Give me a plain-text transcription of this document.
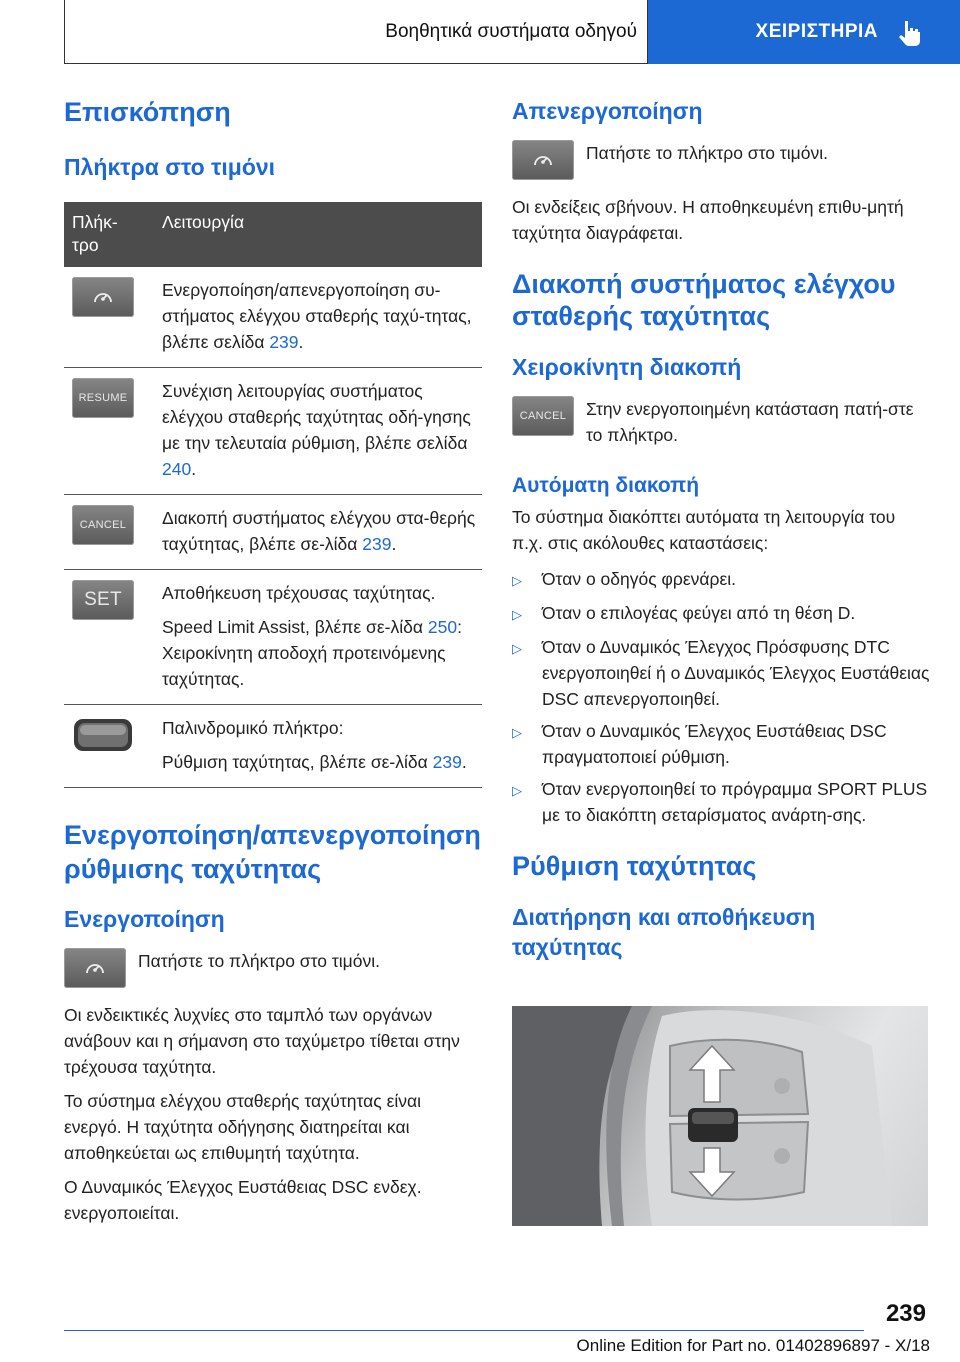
Βοηθητικά συστήματα οδηγού	ΧΕΙΡΙΣΤΗΡΙΑ
Επισκόπηση
Πλήκτρα στο τιμόνι
Πλήκ-
τρο	Λειτουργία

Ενεργοποίηση/απενεργοποίηση συ-στήματος ελέγχου σταθερής ταχύ-τητας, βλέπε σελίδα 239.

RESUME	Συνέχιση λειτουργίας συστήματος ελέγχου σταθερής ταχύτητας οδή-γησης με την τελευταία ρύθμιση, βλέπε σελίδα 240.

CANCEL	Διακοπή συστήματος ελέγχου στα-θερής ταχύτητας, βλέπε σε-λίδα 239.

SET	Αποθήκευση τρέχουσας ταχύτητας.

Speed Limit Assist, βλέπε σε-λίδα 250: Χειροκίνητη αποδοχή προτεινόμενης ταχύτητας.

Παλινδρομικό πλήκτρο:

Ρύθμιση ταχύτητας, βλέπε σε-λίδα 239.

Ενεργοποίηση/απενεργοποίηση ρύθμισης ταχύτητας
Ενεργοποίηση

Πατήστε το πλήκτρο στο τιμόνι.

Οι ενδεικτικές λυχνίες στο ταμπλό των οργάνων ανάβουν και η σήμανση στο ταχύμετρο τίθεται στην τρέχουσα ταχύτητα.

Το σύστημα ελέγχου σταθερής ταχύτητας είναι ενεργό. Η ταχύτητα οδήγησης διατηρείται και αποθηκεύεται ως επιθυμητή ταχύτητα.

Ο Δυναμικός Έλεγχος Ευστάθειας DSC ενδεχ. ενεργοποιείται.

Απενεργοποίηση

Πατήστε το πλήκτρο στο τιμόνι.

Οι ενδείξεις σβήνουν. Η αποθηκευμένη επιθυ-μητή ταχύτητα διαγράφεται.

Διακοπή συστήματος ελέγχου σταθερής ταχύτητας
Χειροκίνητη διακοπή
CANCEL	Στην ενεργοποιημένη κατάσταση πατή-στε το πλήκτρο.

Αυτόματη διακοπή

Το σύστημα διακόπτει αυτόματα τη λειτουργία του π.χ. στις ακόλουθες καταστάσεις:

▷	Όταν ο οδηγός φρενάρει.
▷	Όταν ο επιλογέας φεύγει από τη θέση D.
▷	Όταν ο Δυναμικός Έλεγχος Πρόσφυσης DTC ενεργοποιηθεί ή ο Δυναμικός Έλεγχος Ευστάθειας DSC απενεργοποιηθεί.
▷	Όταν ο Δυναμικός Έλεγχος Ευστάθειας DSC πραγματοποιεί ρύθμιση.
▷	Όταν ενεργοποιηθεί το πρόγραμμα SPORT PLUS με το διακόπτη σεταρίσματος ανάρτη-σης.
Ρύθμιση ταχύτητας
Διατήρηση και αποθήκευση ταχύτητας
239
Online Edition for Part no. 01402896897 - X/18
